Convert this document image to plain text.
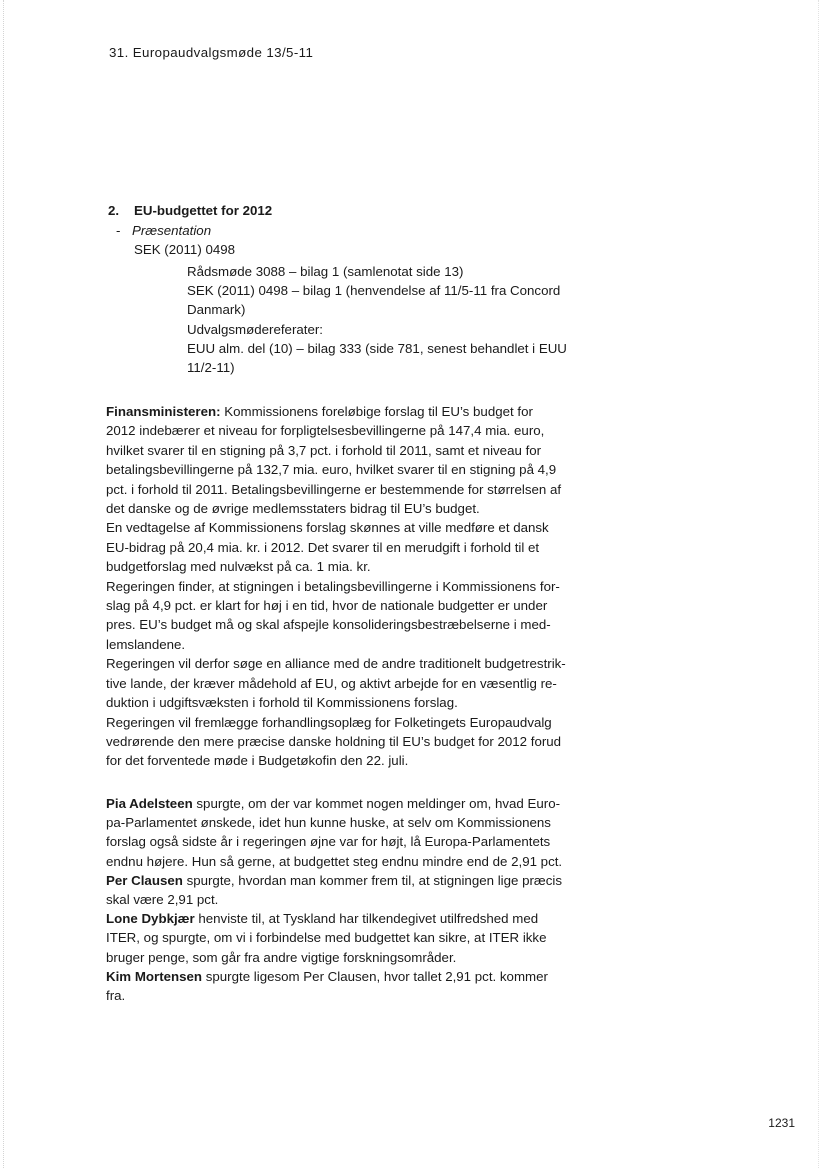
31. Europaudvalgsmøde 13/5-11
2. EU-budgettet for 2012
- Præsentation
SEK (2011) 0498
Rådsmøde 3088 – bilag 1 (samlenotat side 13)
SEK (2011) 0498 – bilag 1 (henvendelse af 11/5-11 fra Concord
Danmark)
Udvalgsmødereferater:
EUU alm. del (10) – bilag 333 (side 781, senest behandlet i EUU
11/2-11)
Finansministeren: Kommissionens foreløbige forslag til EU’s budget for
2012 indebærer et niveau for forpligtelsesbevillingerne på 147,4 mia. euro,
hvilket svarer til en stigning på 3,7 pct. i forhold til 2011, samt et niveau for
betalingsbevillingerne på 132,7 mia. euro, hvilket svarer til en stigning på 4,9
pct. i forhold til 2011. Betalingsbevillingerne er bestemmende for størrelsen af
det danske og de øvrige medlemsstaters bidrag til EU’s budget.
En vedtagelse af Kommissionens forslag skønnes at ville medføre et dansk
EU-bidrag på 20,4 mia. kr. i 2012. Det svarer til en merudgift i forhold til et
budgetforslag med nulvækst på ca. 1 mia. kr.
Regeringen finder, at stigningen i betalingsbevillingerne i Kommissionens for-
slag på 4,9 pct. er klart for høj i en tid, hvor de nationale budgetter er under
pres. EU’s budget må og skal afspejle konsolideringsbestræbelserne i med-
lemslandene.
Regeringen vil derfor søge en alliance med de andre traditionelt budgetrestrik-
tive lande, der kræver mådehold af EU, og aktivt arbejde for en væsentlig re-
duktion i udgiftsvæksten i forhold til Kommissionens forslag.
Regeringen vil fremlægge forhandlingsoplæg for Folketingets Europaudvalg
vedrørende den mere præcise danske holdning til EU’s budget for 2012 forud
for det forventede møde i Budgetøkofin den 22. juli.
Pia Adelsteen spurgte, om der var kommet nogen meldinger om, hvad Euro-
pa-Parlamentet ønskede, idet hun kunne huske, at selv om Kommissionens
forslag også sidste år i regeringen øjne var for højt, lå Europa-Parlamentets
endnu højere. Hun så gerne, at budgettet steg endnu mindre end de 2,91 pct.
Per Clausen spurgte, hvordan man kommer frem til, at stigningen lige præcis
skal være 2,91 pct.
Lone Dybkjær henviste til, at Tyskland har tilkendegivet utilfredshed med
ITER, og spurgte, om vi i forbindelse med budgettet kan sikre, at ITER ikke
bruger penge, som går fra andre vigtige forskningsområder.
Kim Mortensen spurgte ligesom Per Clausen, hvor tallet 2,91 pct. kommer
fra.
1231
